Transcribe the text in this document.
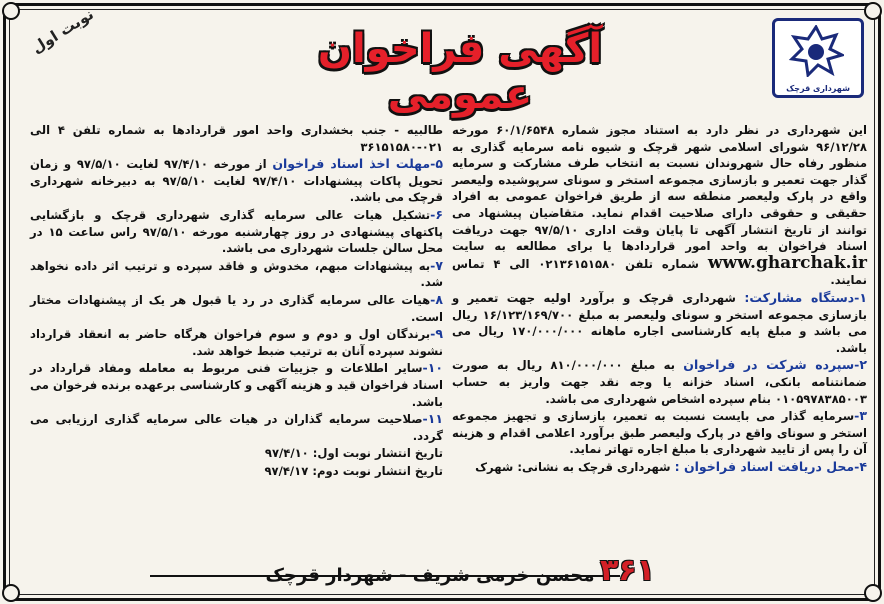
شهرداری قرچک
آگهی فراخوان عمومی
نوبت اول

این شهرداری در نظر دارد به استناد مجوز شماره ۶۰/۱/۶۵۴۸ مورخه ۹۶/۱۲/۲۸ شورای اسلامی شهر قرچک و شیوه نامه سرمایه گذاری به منظور رفاه حال شهروندان نسبت به انتخاب طرف مشارکت و سرمایه گذار جهت تعمیر و بازسازی مجموعه استخر و سونای سرپوشیده ولیعصر واقع در پارک ولیعصر منطقه سه از طریق فراخوان عمومی به افراد حقیقی و حقوقی دارای صلاحیت اقدام نماید. متقاضیان پیشنهاد می توانند از تاریخ انتشار آگهی تا پایان وقت اداری ۹۷/۵/۱۰ جهت دریافت اسناد فراخوان به واحد امور قراردادها یا برای مطالعه به سایت www.gharchak.ir شماره تلفن ۰۲۱۳۶۱۵۱۵۸۰ الی ۴ تماس نمایند.

۱-دستگاه مشارکت: شهرداری قرچک و برآورد اولیه جهت تعمیر و بازسازی مجموعه استخر و سونای ولیعصر به مبلغ ۱۶/۱۲۳/۱۶۹/۷۰۰ ریال می باشد و مبلغ پایه کارشناسی اجاره ماهانه ۱۷۰/۰۰۰/۰۰۰ ریال می باشد.

۲-سپرده شرکت در فراخوان به مبلغ ۸۱۰/۰۰۰/۰۰۰ ریال به صورت ضمانتنامه بانکی، اسناد خزانه یا وجه نقد جهت واریز به حساب ۰۱۰۵۹۷۸۳۸۵۰۰۳ بنام سپرده اشخاص شهرداری می باشد.

۳-سرمایه گذار می بایست نسبت به تعمیر، بازسازی و تجهیز مجموعه استخر و سونای واقع در پارک ولیعصر طبق برآورد اعلامی اقدام و هزینه آن را پس از تایید شهرداری با مبلغ اجاره تهاتر نماید.

۴-محل دریافت اسناد فراخوان : شهرداری قرچک به نشانی: شهرک

طالبیه - جنب بخشداری واحد امور قراردادها به شماره تلفن ۴ الی ۰۲۱-۳۶۱۵۱۵۸۰

۵-مهلت اخذ اسناد فراخوان از مورخه ۹۷/۴/۱۰ لغایت ۹۷/۵/۱۰ و زمان تحویل پاکات پیشنهادات ۹۷/۴/۱۰ لغایت ۹۷/۵/۱۰ به دبیرخانه شهرداری قرچک می باشد.

۶-تشکیل هیات عالی سرمایه گذاری شهرداری قرچک و بازگشایی پاکتهای پیشنهادی در روز چهارشنبه مورخه ۹۷/۵/۱۰ راس ساعت ۱۵ در محل سالن جلسات شهرداری می باشد.

۷-به پیشنهادات مبهم، مخدوش و فاقد سپرده و ترتیب اثر داده نخواهد شد.

۸-هیات عالی سرمایه گذاری در رد یا قبول هر یک از پیشنهادات مختار است.

۹-برندگان اول و دوم و سوم فراخوان هرگاه حاضر به انعقاد قرارداد نشوند سپرده آنان به ترتیب ضبط خواهد شد.

۱۰-سایر اطلاعات و جزییات فنی مربوط به معامله ومفاد قرارداد در اسناد فراخوان قید و هزینه آگهی و کارشناسی برعهده برنده فرخوان می باشد.

۱۱-صلاحیت سرمایه گذاران در هیات عالی سرمایه گذاری ارزیابی می گردد.

تاریخ انتشار نوبت اول: ۹۷/۴/۱۰

تاریخ انتشار نوبت دوم: ۹۷/۴/۱۷

محسن خرمی شریف - شهردار قرچک ۳۶۱
